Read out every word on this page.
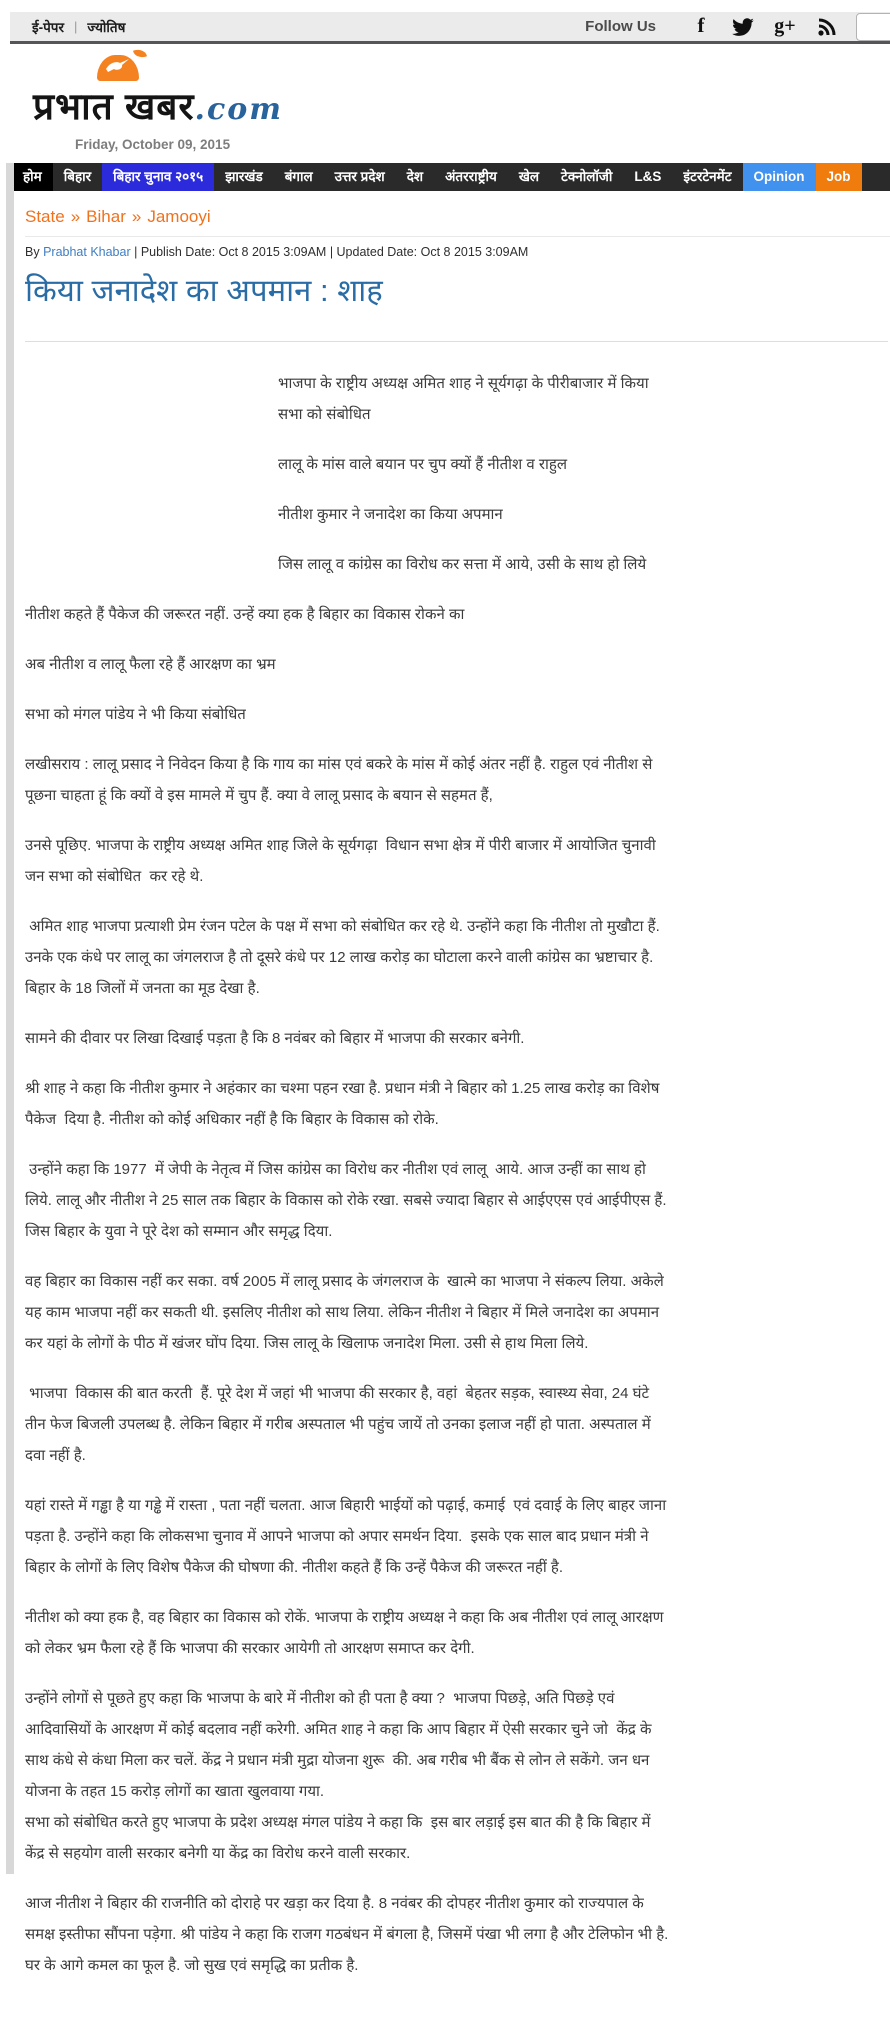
ई-पेपर | ज्योतिष	Follow Us	f	g+
प्रभात खबर.com
Friday, October 09, 2015
होम	बिहार	बिहार चुनाव २०१५	झारखंड	बंगाल	उत्तर प्रदेश	देश	अंतरराष्ट्रीय	खेल	टेक्नोलॉजी	L&S	इंटरटेनमेंट	Opinion	Job
State » Bihar » Jamooyi
By Prabhat Khabar | Publish Date: Oct 8 2015 3:09AM | Updated Date: Oct 8 2015 3:09AM
किया जनादेश का अपमान : शाह

भाजपा के राष्ट्रीय अध्यक्ष अमित शाह ने सूर्यगढ़ा के पीरीबाजार में किया सभा को संबोधित

लालू के मांस वाले बयान पर चुप क्यों हैं नीतीश व राहुल

नीतीश कुमार ने जनादेश का किया अपमान

जिस लालू व कांग्रेस का विरोध कर सत्ता में आये, उसी के साथ हो लिये

नीतीश कहते हैं पैकेज की जरूरत नहीं. उन्हें क्या हक है बिहार का विकास रोकने का

अब नीतीश व लालू फैला रहे हैं आरक्षण का भ्रम

सभा को मंगल पांडेय ने भी किया संबोधित

लखीसराय : लालू प्रसाद ने निवेदन किया है कि गाय का मांस एवं बकरे के मांस में कोई अंतर नहीं है. राहुल एवं नीतीश से पूछना चाहता हूं कि क्यों वे इस मामले में चुप हैं. क्या वे लालू प्रसाद के बयान से सहमत हैं,

उनसे पूछिए. भाजपा के राष्ट्रीय अध्यक्ष अमित शाह जिले के सूर्यगढ़ा  विधान सभा क्षेत्र में पीरी बाजार में आयोजित चुनावी जन सभा को संबोधित  कर रहे थे.

अमित शाह भाजपा प्रत्याशी प्रेम रंजन पटेल के पक्ष में सभा को संबोधित कर रहे थे. उन्होंने कहा कि नीतीश तो मुखौटा हैं. उनके एक कंधे पर लालू का जंगलराज है तो दूसरे कंधे पर 12 लाख करोड़ का घोटाला करने वाली कांग्रेस का भ्रष्टाचार है. बिहार के 18 जिलों में जनता का मूड देखा है.

सामने की दीवार पर लिखा दिखाई पड़ता है कि 8 नवंबर को बिहार में भाजपा की सरकार बनेगी.

श्री शाह ने कहा कि नीतीश कुमार ने अहंकार का चश्मा पहन रखा है. प्रधान मंत्री ने बिहार को 1.25 लाख करोड़ का विशेष पैकेज  दिया है. नीतीश को कोई अधिकार नहीं है कि बिहार के विकास को रोके.

उन्होंने कहा कि 1977  में जेपी के नेतृत्व में जिस कांग्रेस का विरोध कर नीतीश एवं लालू  आये. आज उन्हीं का साथ हो लिये. लालू और नीतीश ने 25 साल तक बिहार के विकास को रोके रखा. सबसे ज्यादा बिहार से आईएएस एवं आईपीएस हैं. जिस बिहार के युवा ने पूरे देश को सम्मान और समृद्ध दिया.

वह बिहार का विकास नहीं कर सका. वर्ष 2005 में लालू प्रसाद के जंगलराज के  खात्मे का भाजपा ने संकल्प लिया. अकेले यह काम भाजपा नहीं कर सकती थी. इसलिए नीतीश को साथ लिया. लेकिन नीतीश ने बिहार में मिले जनादेश का अपमान कर यहां के लोगों के पीठ में खंजर घोंप दिया. जिस लालू के खिलाफ जनादेश मिला. उसी से हाथ मिला लिये.

भाजपा  विकास की बात करती  हैं. पूरे देश में जहां भी भाजपा की सरकार है, वहां  बेहतर सड़क, स्वास्थ्य सेवा, 24 घंटे तीन फेज बिजली उपलब्ध है. लेकिन बिहार में गरीब अस्पताल भी पहुंच जायें तो उनका इलाज नहीं हो पाता. अस्पताल में  दवा नहीं है.

यहां रास्ते में गड्ढा है या गड्ढे में रास्ता , पता नहीं चलता. आज बिहारी भाईयों को पढ़ाई, कमाई  एवं दवाई के लिए बाहर जाना पड़ता है. उन्होंने कहा कि लोकसभा चुनाव में आपने भाजपा को अपार समर्थन दिया.  इसके एक साल बाद प्रधान मंत्री ने बिहार के लोगों के लिए विशेष पैकेज की घोषणा की. नीतीश कहते हैं कि उन्हें पैकेज की जरूरत नहीं है.

नीतीश को क्या हक है, वह बिहार का विकास को रोकें. भाजपा के राष्ट्रीय अध्यक्ष ने कहा कि अब नीतीश एवं लालू आरक्षण को लेकर भ्रम फैला रहे हैं कि भाजपा की सरकार आयेगी तो आरक्षण समाप्त कर देगी.

उन्होंने लोगों से पूछते हुए कहा कि भाजपा के बारे में नीतीश को ही पता है क्या ?  भाजपा पिछड़े, अति पिछड़े एवं आदिवासियों के आरक्षण में कोई बदलाव नहीं करेगी. अमित शाह ने कहा कि आप बिहार में ऐसी सरकार चुने जो  केंद्र के साथ कंधे से कंधा मिला कर चलें. केंद्र ने प्रधान मंत्री मुद्रा योजना शुरू  की. अब गरीब भी बैंक से लोन ले सकेंगे. जन धन योजना के तहत 15 करोड़ लोगों का खाता खुलवाया गया.

सभा को संबोधित करते हुए भाजपा के प्रदेश अध्यक्ष मंगल पांडेय ने कहा कि  इस बार लड़ाई इस बात की है कि बिहार में केंद्र से सहयोग वाली सरकार बनेगी या केंद्र का विरोध करने वाली सरकार.

आज नीतीश ने बिहार की राजनीति को दोराहे पर खड़ा कर दिया है. 8 नवंबर की दोपहर नीतीश कुमार को राज्यपाल के समक्ष इस्तीफा सौंपना पड़ेगा. श्री पांडेय ने कहा कि राजग गठबंधन में बंगला है, जिसमें पंखा भी लगा है और टेलिफोन भी है. घर के आगे कमल का फूल है. जो सुख एवं समृद्धि का प्रतीक है.
